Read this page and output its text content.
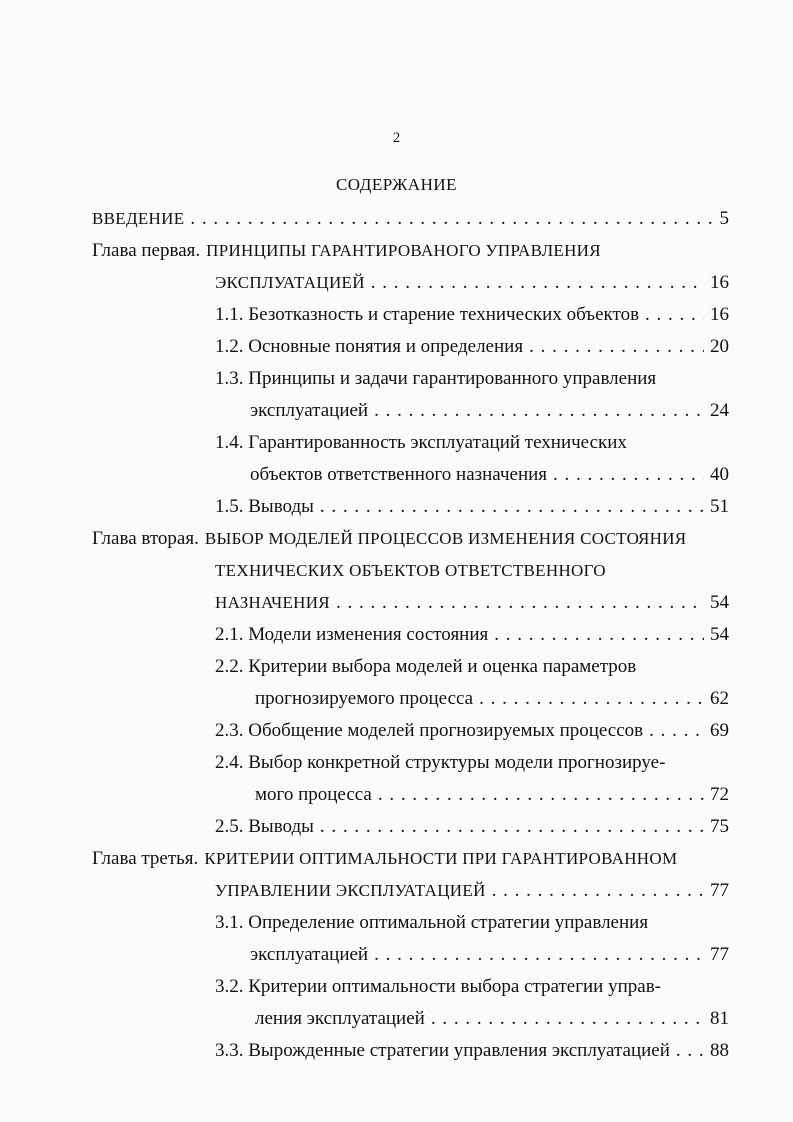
2
СОДЕРЖАНИЕ
ВВЕДЕНИЕ . . .	5
Глава первая. ПРИНЦИПЫ ГАРАНТИРОВАНОГО УПРАВЛЕНИЯ
ЭКСПЛУАТАЦИЕЙ . . .	16
1.1. Безотказность и старение технических объектов . . .	16
1.2. Основные понятия и определения . . .	20
1.3. Принципы и задачи гарантированного управления
эксплуатацией . . .	24
1.4. Гарантированность эксплуатаций технических
объектов ответственного назначения . . .	40
1.5. Выводы . . .	51
Глава вторая. ВЫБОР МОДЕЛЕЙ ПРОЦЕССОВ ИЗМЕНЕНИЯ СОСТОЯНИЯ
ТЕХНИЧЕСКИХ ОБЪЕКТОВ ОТВЕТСТВЕННОГО
НАЗНАЧЕНИЯ . . .	54
2.1. Модели изменения состояния . . .	54
2.2. Критерии выбора моделей и оценка параметров
прогнозируемого процесса . . .	62
2.3. Обобщение моделей прогнозируемых процессов . . .	69
2.4. Выбор конкретной структуры модели прогнозируе-
мого процесса . . .	72
2.5. Выводы . . .	75
Глава третья. КРИТЕРИИ ОПТИМАЛЬНОСТИ ПРИ ГАРАНТИРОВАННОМ
УПРАВЛЕНИИ ЭКСПЛУАТАЦИЕЙ . . .	77
3.1. Определение оптимальной стратегии управления
эксплуатацией . . .	77
3.2. Критерии оптимальности выбора стратегии управ-
ления эксплуатацией . . .	81
3.3. Вырожденные стратегии управления эксплуатацией . . . 88
